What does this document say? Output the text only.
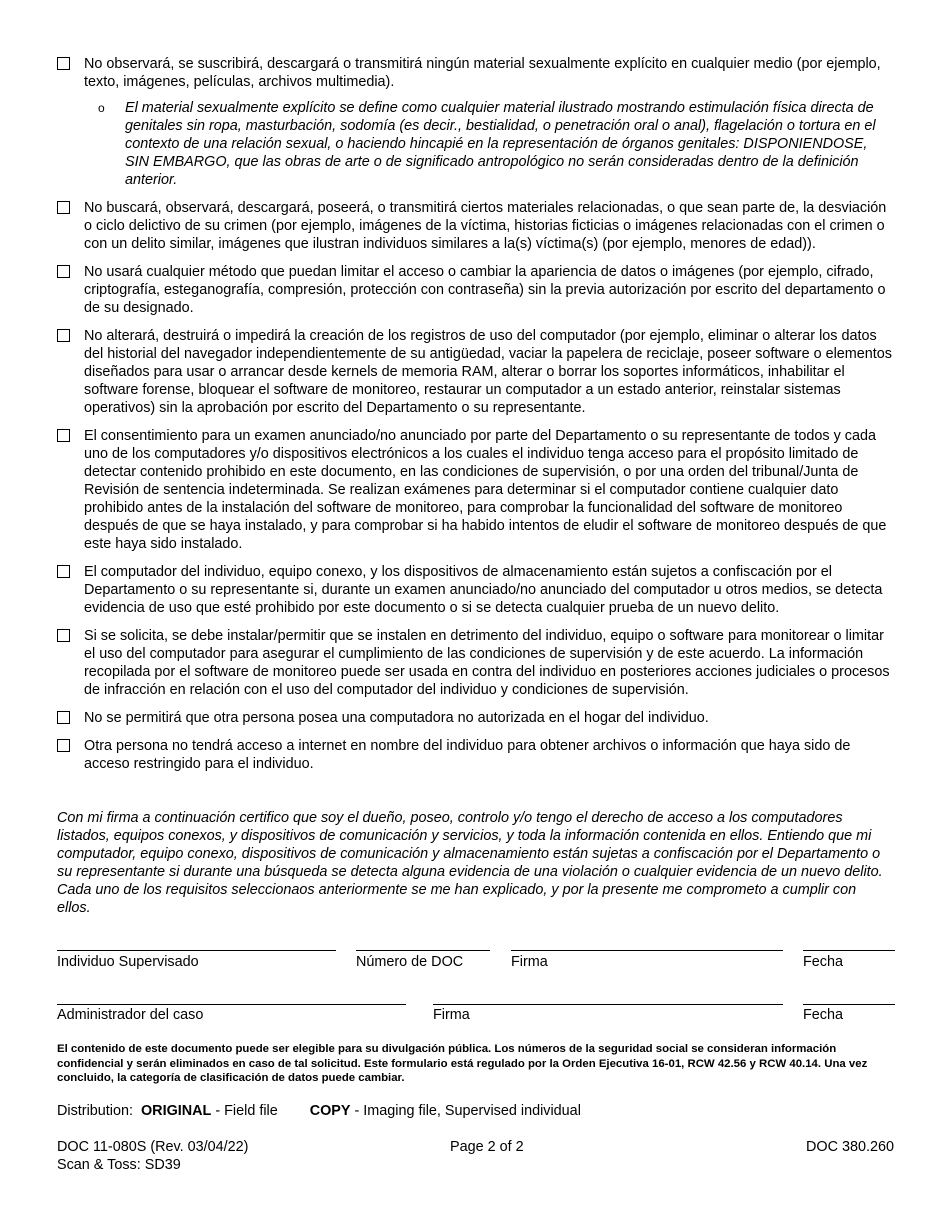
No observará, se suscribirá, descargará o transmitirá ningún material sexualmente explícito en cualquier medio (por ejemplo, texto, imágenes, películas, archivos multimedia).
o	El material sexualmente explícito se define como cualquier material ilustrado mostrando estimulación física directa de genitales sin ropa, masturbación, sodomía (es decir., bestialidad, o penetración oral o anal), flagelación o tortura en el contexto de una relación sexual, o haciendo hincapié en la representación de órganos genitales: DISPONIENDOSE, SIN EMBARGO, que las obras de arte o de significado antropológico no serán consideradas dentro de la definición anterior.
No buscará, observará, descargará, poseerá, o transmitirá ciertos materiales relacionadas, o que sean parte de, la desviación o ciclo delictivo de su crimen (por ejemplo, imágenes de la víctima, historias ficticias o imágenes relacionadas con el crimen o con un delito similar, imágenes que ilustran individuos similares a la(s) víctima(s) (por ejemplo, menores de edad)).
No usará cualquier método que puedan limitar el acceso o cambiar la apariencia de datos o imágenes (por ejemplo, cifrado, criptografía, esteganografía, compresión, protección con contraseña) sin la previa autorización por escrito del departamento o de su designado.
No alterará, destruirá o impedirá la creación de los registros de uso del computador (por ejemplo, eliminar o alterar los datos del historial del navegador independientemente de su antigüedad, vaciar la papelera de reciclaje, poseer software o elementos diseñados para usar o arrancar desde kernels de memoria RAM, alterar o borrar los soportes informáticos, inhabilitar el software forense, bloquear el software de monitoreo, restaurar un computador a un estado anterior, reinstalar sistemas operativos) sin la aprobación por escrito del Departamento o su representante.
El consentimiento para un examen anunciado/no anunciado por parte del Departamento o su representante de todos y cada uno de los computadores y/o dispositivos electrónicos a los cuales el individuo tenga acceso para el propósito limitado de detectar contenido prohibido en este documento, en las condiciones de supervisión, o por una orden del tribunal/Junta de Revisión de sentencia indeterminada. Se realizan exámenes para determinar si el computador contiene cualquier dato prohibido antes de la instalación del software de monitoreo, para comprobar la funcionalidad del software de monitoreo después de que se haya instalado, y para comprobar si ha habido intentos de eludir el software de monitoreo después de que este haya sido instalado.
El computador del individuo, equipo conexo, y los dispositivos de almacenamiento están sujetos a confiscación por el Departamento o su representante si, durante un examen anunciado/no anunciado del computador u otros medios, se detecta evidencia de uso que esté prohibido por este documento o si se detecta cualquier prueba de un nuevo delito.
Si se solicita, se debe instalar/permitir que se instalen en detrimento del individuo, equipo o software para monitorear o limitar el uso del computador para asegurar el cumplimiento de las condiciones de supervisión y de este acuerdo. La información recopilada por el software de monitoreo puede ser usada en contra del individuo en posteriores acciones judiciales o procesos de infracción en relación con el uso del computador del individuo y condiciones de supervisión.
No se permitirá que otra persona posea una computadora no autorizada en el hogar del individuo.
Otra persona no tendrá acceso a internet en nombre del individuo para obtener archivos o información que haya sido de acceso restringido para el individuo.
Con mi firma a continuación certifico que soy el dueño, poseo, controlo y/o tengo el derecho de acceso a los computadores listados, equipos conexos, y dispositivos de comunicación y servicios, y toda la información contenida en ellos. Entiendo que mi computador, equipo conexo, dispositivos de comunicación y almacenamiento están sujetas a confiscación por el Departamento o su representante si durante una búsqueda se detecta alguna evidencia de una violación o cualquier evidencia de un nuevo delito. Cada uno de los requisitos seleccionaos anteriormente se me han explicado, y por la presente me comprometo a cumplir con ellos.
Individuo Supervisado	Número de DOC	Firma	Fecha
Administrador del caso	Firma	Fecha
El contenido de este documento puede ser elegible para su divulgación pública. Los números de la seguridad social se consideran información confidencial y serán eliminados en caso de tal solicitud. Este formulario está regulado por la Orden Ejecutiva 16-01, RCW 42.56 y RCW 40.14. Una vez concluido, la categoría de clasificación de datos puede cambiar.
Distribution: ORIGINAL - Field file COPY - Imaging file, Supervised individual
DOC 11-080S (Rev. 03/04/22)
Scan & Toss: SD39
Page 2 of 2	DOC 380.260
